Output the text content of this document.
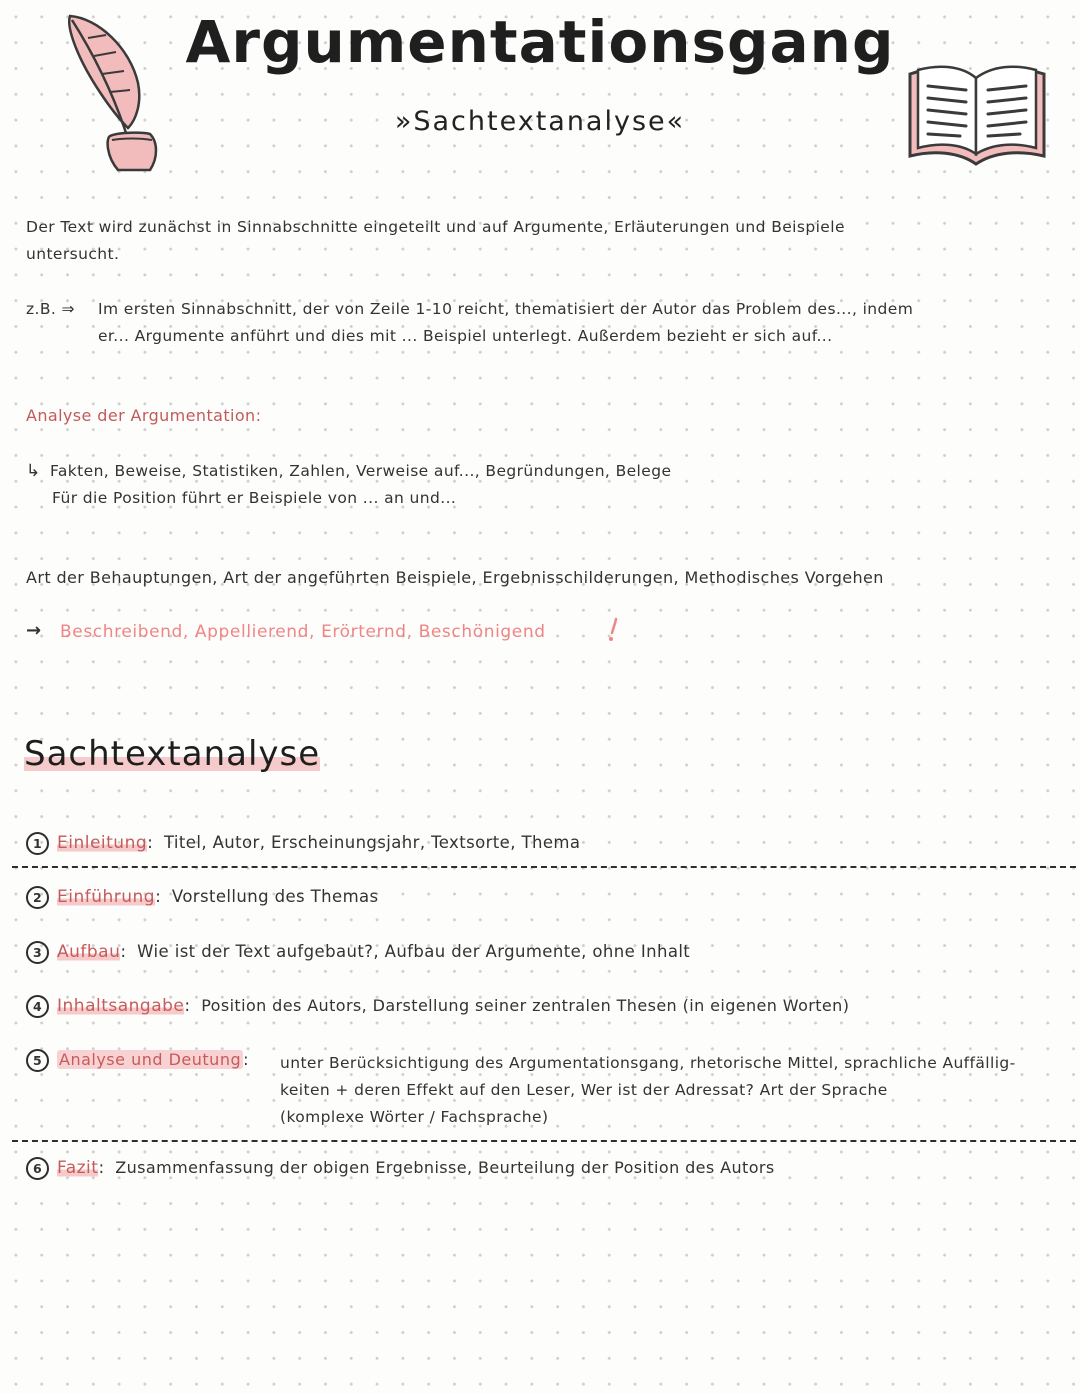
Argumentationsgang
»Sachtextanalyse«
Der Text wird zunächst in Sinnabschnitte eingeteilt und auf Argumente, Erläuterungen und Beispiele
untersucht.
z.B. ⇒ Im ersten Sinnabschnitt, der von Zeile 1-10 reicht, thematisiert der Autor das Problem des..., indem
er... Argumente anführt und dies mit ... Beispiel unterlegt. Außerdem bezieht er sich auf...
Analyse der Argumentation:
↳ Fakten, Beweise, Statistiken, Zahlen, Verweise auf..., Begründungen, Belege
Für die Position führt er Beispiele von ... an und...
Art der Behauptungen, Art der angeführten Beispiele, Ergebnisschilderungen, Methodisches Vorgehen
→ Beschreibend, Appellierend, Erörternd, Beschönigend
Sachtextanalyse
1 Einleitung: Titel, Autor, Erscheinungsjahr, Textsorte, Thema
2 Einführung: Vorstellung des Themas
3 Aufbau: Wie ist der Text aufgebaut?, Aufbau der Argumente, ohne Inhalt
4 Inhaltsangabe: Position des Autors, Darstellung seiner zentralen Thesen (in eigenen Worten)
5 Analyse und Deutung : unter Berücksichtigung des Argumentationsgang, rhetorische Mittel, sprachliche Auffällig-
keiten + deren Effekt auf den Leser, Wer ist der Adressat? Art der Sprache
(komplexe Wörter / Fachsprache)
6 Fazit: Zusammenfassung der obigen Ergebnisse, Beurteilung der Position des Autors
